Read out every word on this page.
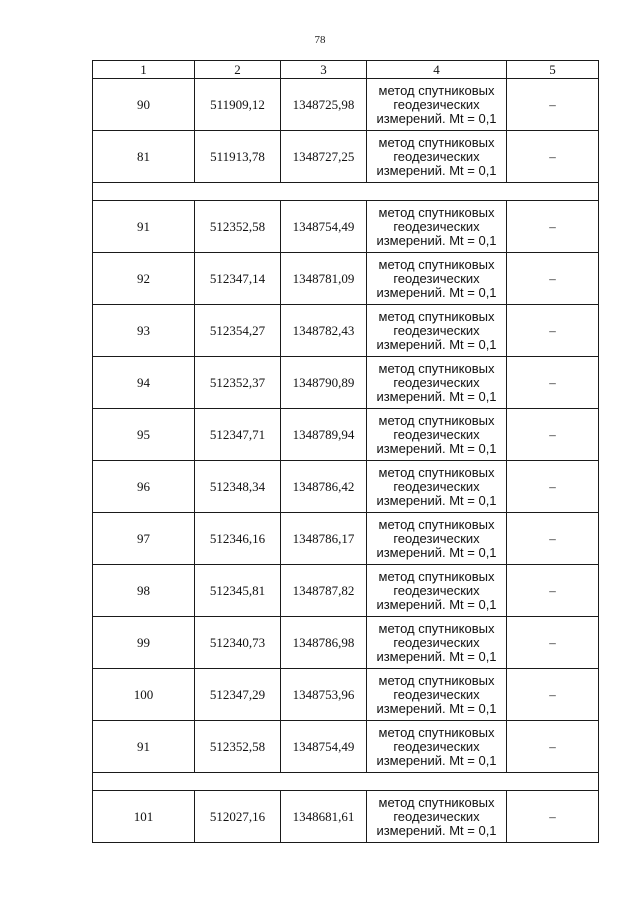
78
1	2	3	4	5
90	511909,12	1348725,98	метод спутниковых
геодезических
измерений. Mt = 0,1	–
81	511913,78	1348727,25	метод спутниковых
геодезических
измерений. Mt = 0,1	–

91	512352,58	1348754,49	метод спутниковых
геодезических
измерений. Mt = 0,1	–
92	512347,14	1348781,09	метод спутниковых
геодезических
измерений. Mt = 0,1	–
93	512354,27	1348782,43	метод спутниковых
геодезических
измерений. Mt = 0,1	–
94	512352,37	1348790,89	метод спутниковых
геодезических
измерений. Mt = 0,1	–
95	512347,71	1348789,94	метод спутниковых
геодезических
измерений. Mt = 0,1	–
96	512348,34	1348786,42	метод спутниковых
геодезических
измерений. Mt = 0,1	–
97	512346,16	1348786,17	метод спутниковых
геодезических
измерений. Mt = 0,1	–
98	512345,81	1348787,82	метод спутниковых
геодезических
измерений. Mt = 0,1	–
99	512340,73	1348786,98	метод спутниковых
геодезических
измерений. Mt = 0,1	–
100	512347,29	1348753,96	метод спутниковых
геодезических
измерений. Mt = 0,1	–
91	512352,58	1348754,49	метод спутниковых
геодезических
измерений. Mt = 0,1	–

101	512027,16	1348681,61	метод спутниковых
геодезических
измерений. Mt = 0,1	–
